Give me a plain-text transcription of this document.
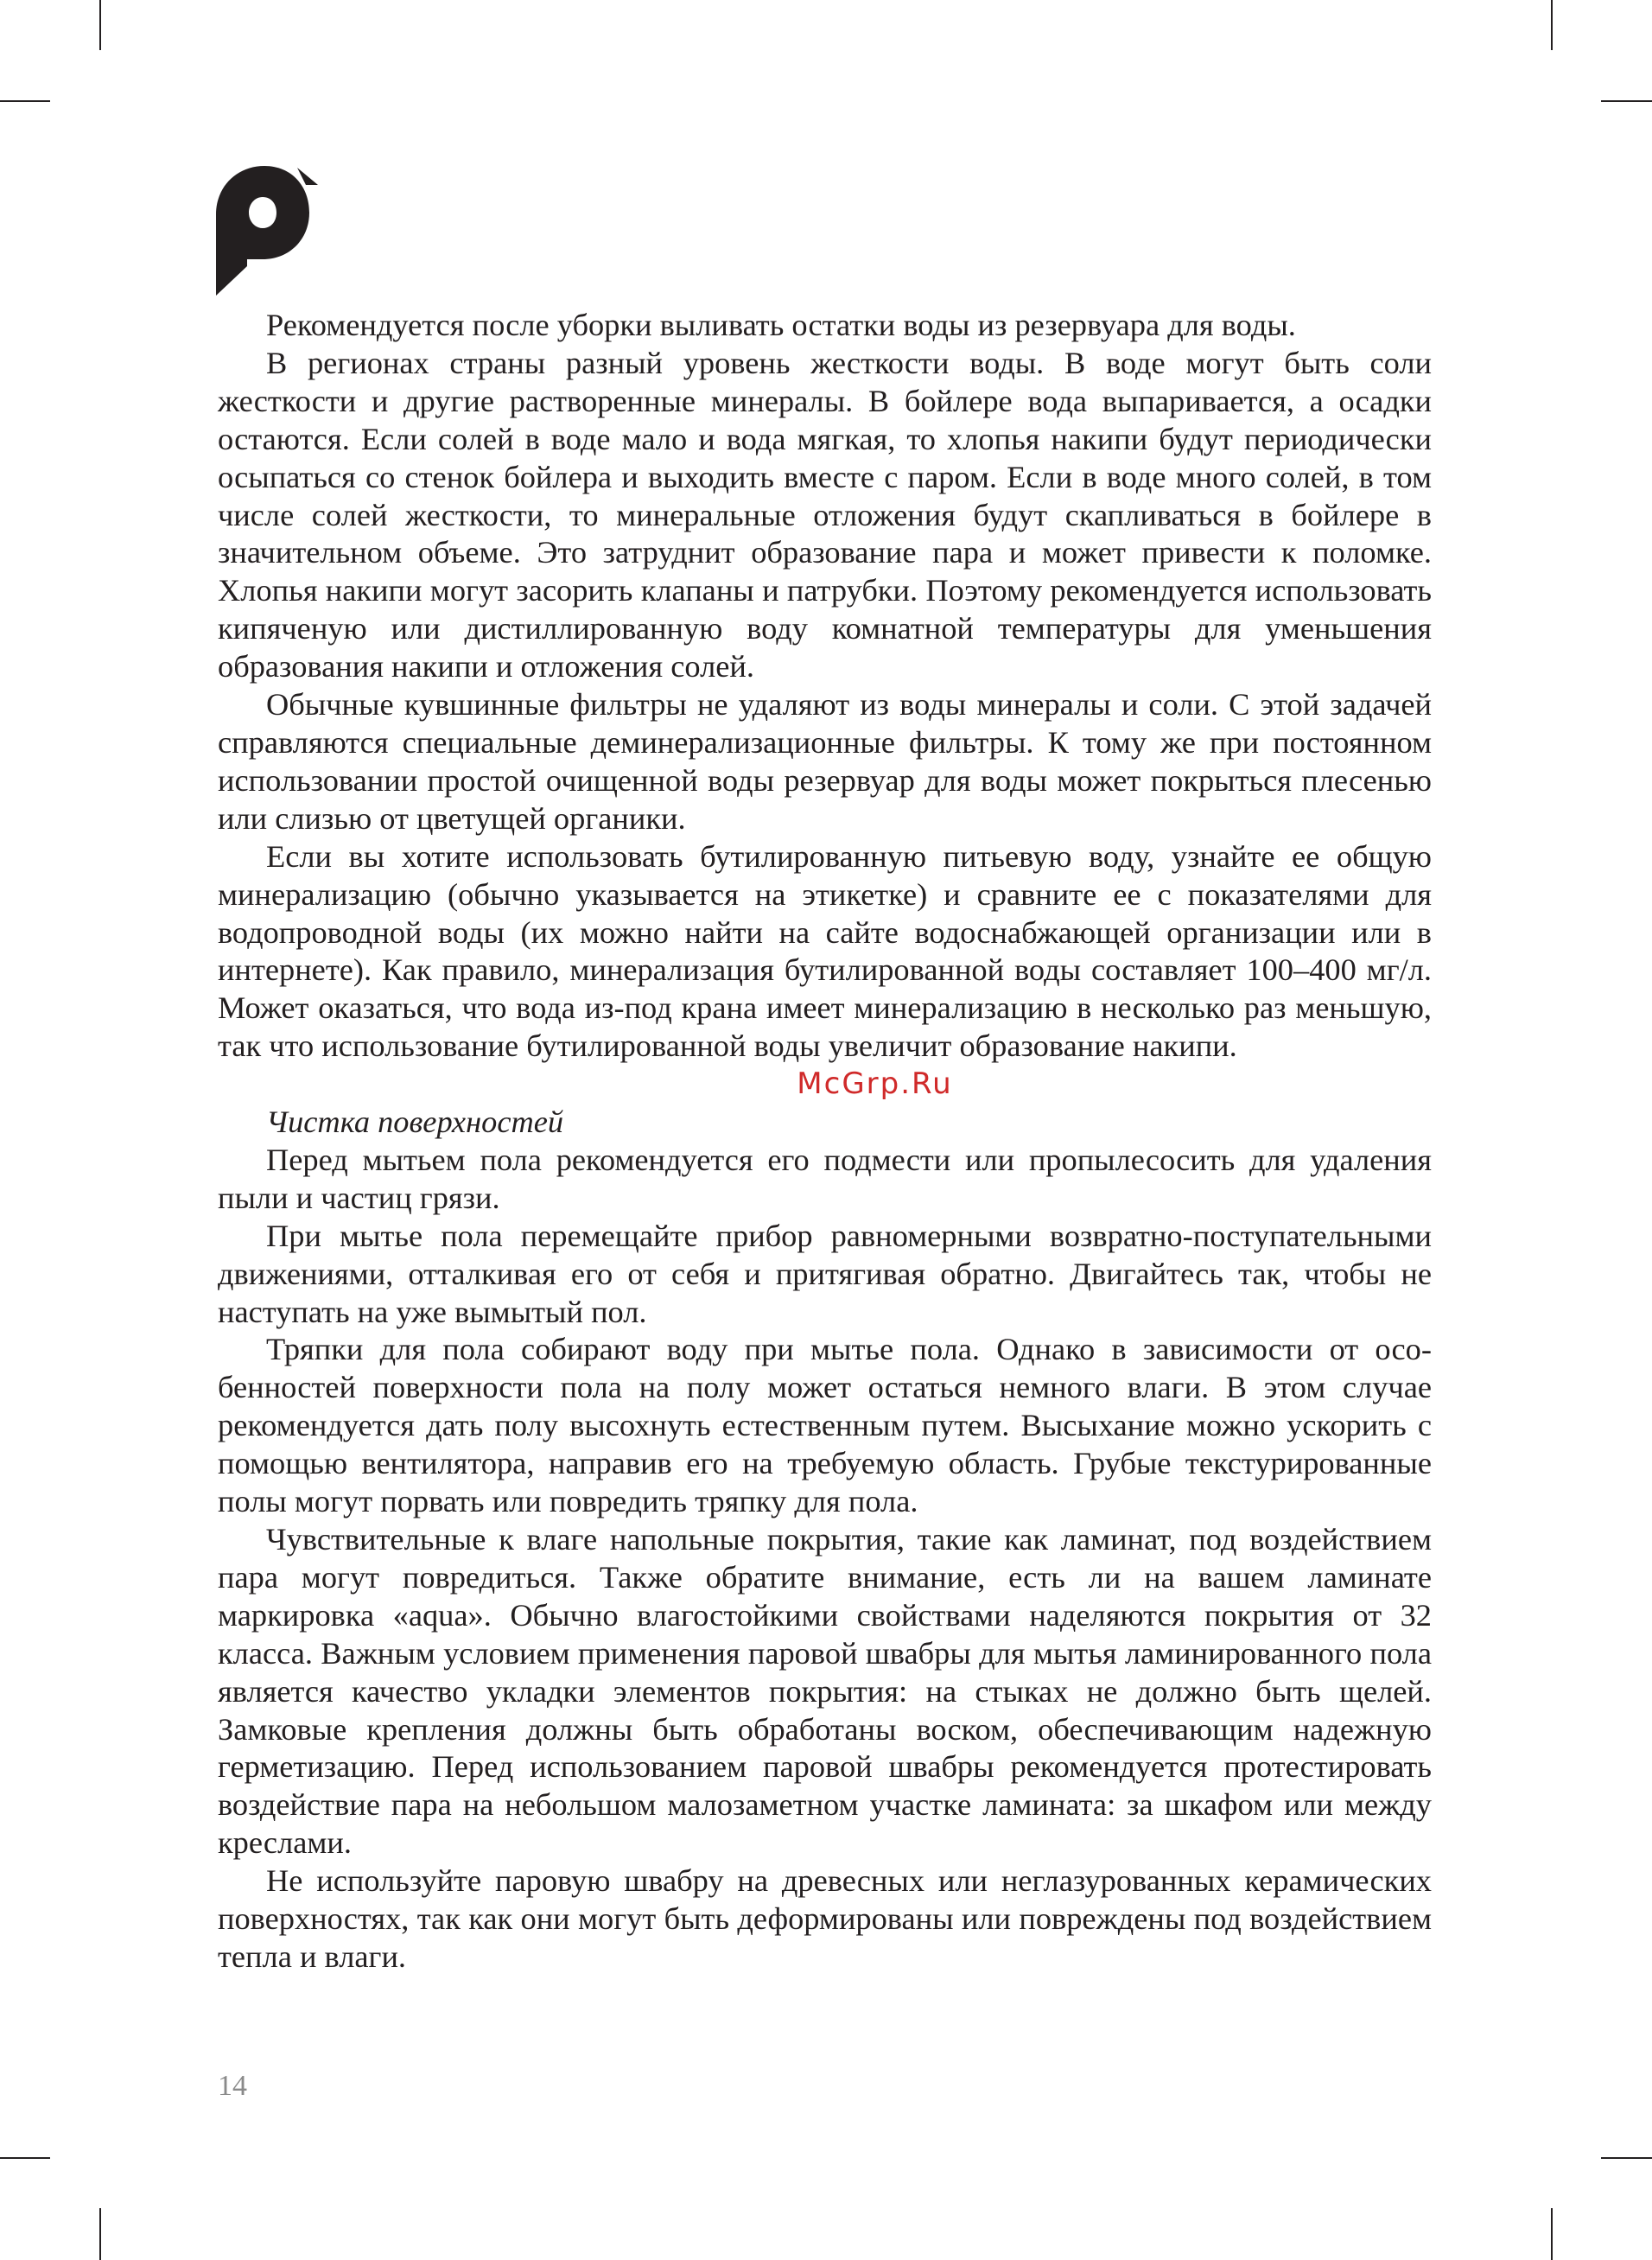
Рекомендуется после уборки выливать остатки воды из резервуара для воды.

В регионах страны разный уровень жесткости воды. В воде могут быть соли жесткости и другие растворенные минералы. В бойлере вода выпаривается, а осадки остаются. Если солей в воде мало и вода мягкая, то хлопья накипи будут периодически осыпаться со стенок бойлера и выходить вместе с паром. Если в воде много солей, в том числе солей жесткости, то минеральные отложения будут скапливаться в бойлере в значительном объеме. Это затруднит образование пара и может привести к поломке. Хлопья накипи могут засорить клапаны и патрубки. Поэтому рекомендуется использовать кипяченую или дистиллированную воду комнатной температуры для уменьшения образования накипи и отложения солей.

Обычные кувшинные фильтры не удаляют из воды минералы и соли. С этой задачей справляются специальные деминерализационные фильтры. К тому же при постоянном использовании простой очищенной воды резервуар для воды может покрыться плесенью или слизью от цветущей органики.

Если вы хотите использовать бутилированную питьевую воду, узнайте ее общую минерализацию (обычно указывается на этикетке) и сравните ее с показателями для водопроводной воды (их можно найти на сайте водоснабжающей организации или в интернете). Как правило, минерализация бутилированной воды составляет 100–400 мг/л. Может оказаться, что вода из-под крана имеет минерализацию в несколько раз меньшую, так что использование бутилированной воды увеличит образование накипи.

McGrp.Ru

Чистка поверхностей

Перед мытьем пола рекомендуется его подмести или пропылесосить для удаления пыли и частиц грязи.

При мытье пола перемещайте прибор равномерными возвратно-поступательными движениями, отталкивая его от себя и притягивая обратно. Двигайтесь так, чтобы не наступать на уже вымытый пол.

Тряпки для пола собирают воду при мытье пола. Однако в зависимости от особенностей поверхности пола на полу может остаться немного влаги. В этом случае рекомендуется дать полу высохнуть естественным путем. Высыхание можно ускорить с помощью вентилятора, направив его на требуемую область. Грубые текстурированные полы могут порвать или повредить тряпку для пола.

Чувствительные к влаге напольные покрытия, такие как ламинат, под воздействием пара могут повредиться. Также обратите внимание, есть ли на вашем ламинате маркировка «aqua». Обычно влагостойкими свойствами наделяются покрытия от 32 класса. Важным условием применения паровой швабры для мытья ламинированного пола является качество укладки элементов покрытия: на стыках не должно быть щелей. Замковые крепления должны быть обработаны воском, обеспечивающим надежную герметизацию. Перед использованием паровой швабры рекомендуется протестировать воздействие пара на небольшом малозаметном участке ламината: за шкафом или между креслами.

Не используйте паровую швабру на древесных или неглазурованных керамических поверхностях, так как они могут быть деформированы или повреждены под воздействием тепла и влаги.

14
